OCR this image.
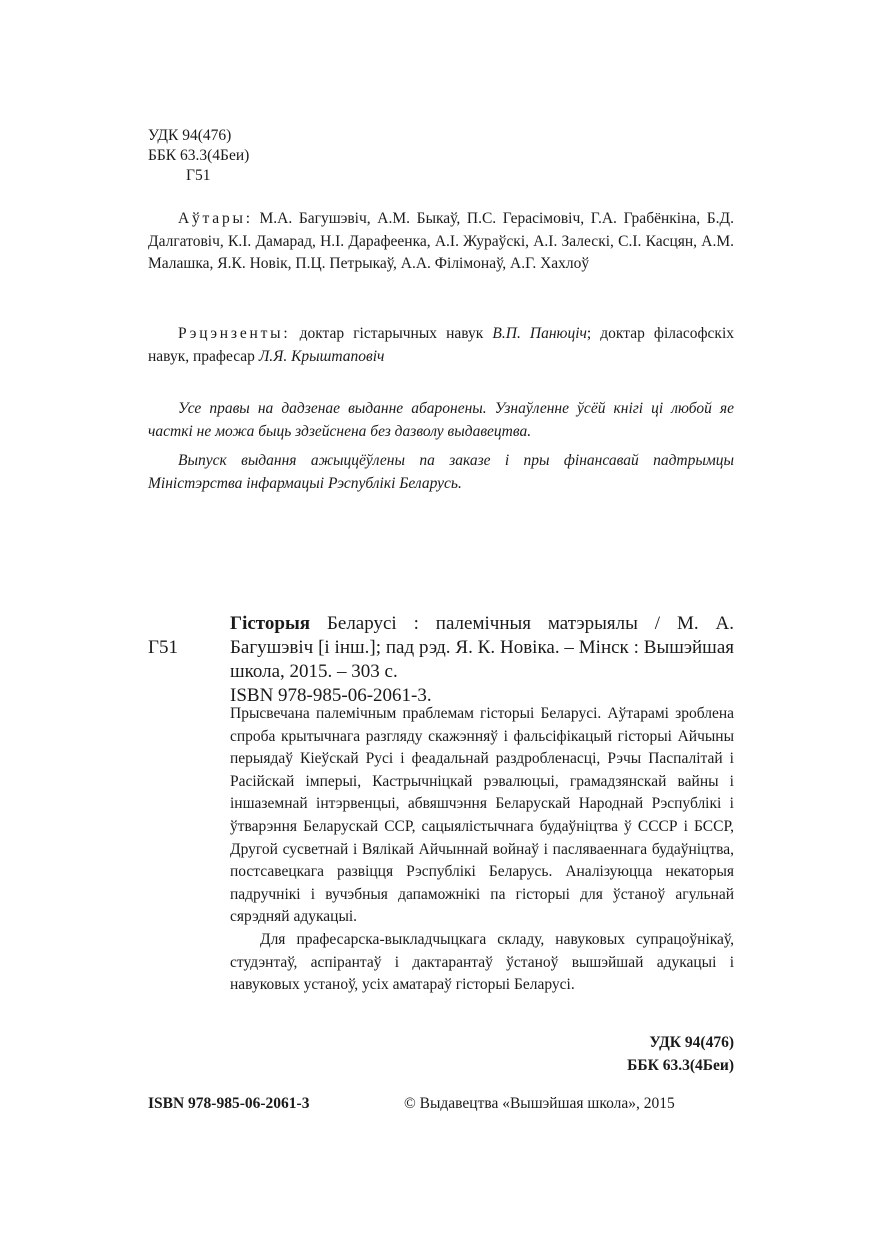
УДК 94(476)
ББК 63.3(4Беи)
Г51
Аўтары: М.А. Багушэвіч, А.М. Быкаў, П.С. Герасімовіч, Г.А. Грабёнкіна, Б.Д. Далгатовіч, К.І. Дамарад, Н.І. Дарафеенка, А.І. Жураўскі, А.І. Залескі, С.І. Касцян, А.М. Малашка, Я.К. Новік, П.Ц. Петрыкаў, А.А. Філімонаў, А.Г. Хахлоў
Рэцэнзенты: доктар гістарычных навук В.П. Панюціч; доктар філасофскіх навук, прафесар Л.Я. Крыштаповіч
Усе правы на дадзенае выданне абаронены. Узнаўленне ўсёй кнігі ці любой яе часткі не можа быць здзейснена без дазволу выдавецтва.
Выпуск выдання ажыццёўлены па заказе і пры фінансавай падтрымцы Міністэрства інфармацыі Рэспублікі Беларусь.
Г51
Гісторыя Беларусі : палемічныя матэрыялы / М. А. Багушэвіч [і інш.]; пад рэд. Я. К. Новіка. – Мінск : Вышэйшая школа, 2015. – 303 с.
ISBN 978-985-06-2061-3.

Прысвечана палемічным праблемам гісторыі Беларусі. Аўтарамі зроблена спроба крытычнага разгляду скажэнняў і фальсіфікацый гісторыі Айчыны перыядаў Кіеўскай Русі і феадальнай раздробленасці, Рэчы Паспалітай і Расійскай імперыі, Кастрычніцкай рэвалюцыі, грамадзянскай вайны і іншаземнай інтэрвенцыі, абвяшчэння Беларускай Народнай Рэспублікі і ўтварэння Беларускай ССР, сацыялістычнага будаўніцтва ў СССР і БССР, Другой сусветнай і Вялікай Айчыннай войнаў і пасляваеннага будаўніцтва, постсавецкага развіцця Рэспублікі Беларусь. Аналізуюцца некаторыя падручнікі і вучэбныя дапаможнікі па гісторыі для ўстаноў агульнай сярэдняй адукацыі.

Для прафесарска-выкладчыцкага складу, навуковых супрацоўнікаў, студэнтаў, аспірантаў і дактарантаў ўстаноў вышэйшай адукацыі і навуковых устаноў, усіх аматараў гісторыі Беларусі.

УДК 94(476)
ББК 63.3(4Беи)
ISBN 978-985-06-2061-3	© Выдавецтва «Вышэйшая школа», 2015
